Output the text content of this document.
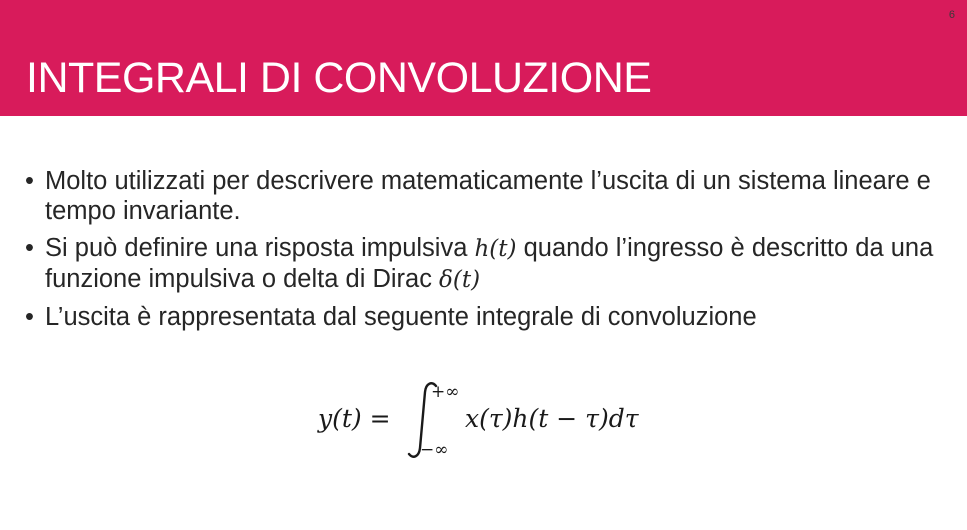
6
INTEGRALI DI CONVOLUZIONE
• Molto utilizzati per descrivere matematicamente l’uscita di un sistema lineare e tempo invariante.
• Si può definire una risposta impulsiva h(t) quando l’ingresso è descritto da una funzione impulsiva o delta di Dirac δ(t)
• L’uscita è rappresentata dal seguente integrale di convoluzione
y(t) =
+∞
−∞
x(τ)h(t − τ)dτ
